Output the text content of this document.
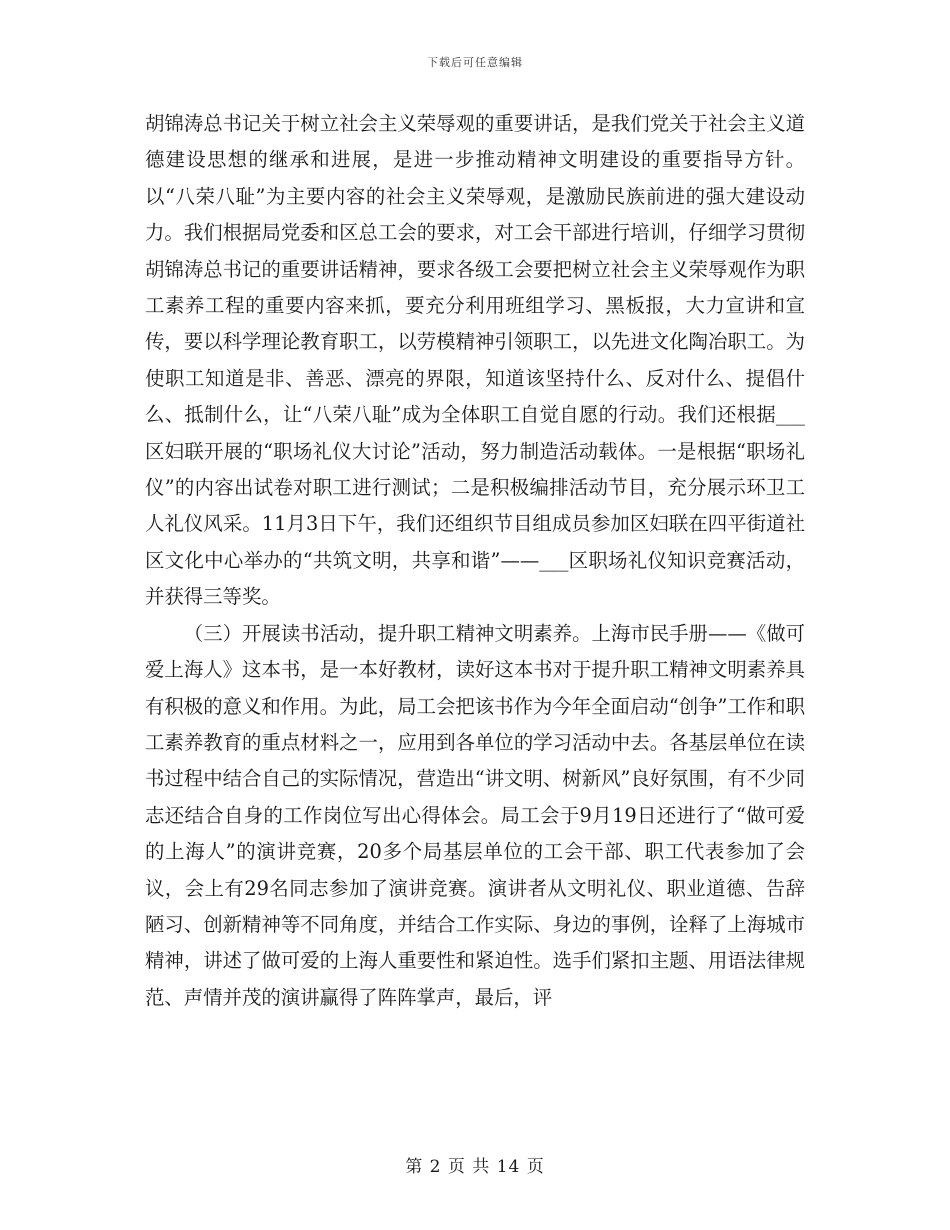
下载后可任意编辑

胡锦涛总书记关于树立社会主义荣辱观的重要讲话，是我们党关于社会主义道德建设思想的继承和进展，是进一步推动精神文明建设的重要指导方针。以“八荣八耻”为主要内容的社会主义荣辱观，是激励民族前进的强大建设动力。我们根据局党委和区总工会的要求，对工会干部进行培训，仔细学习贯彻胡锦涛总书记的重要讲话精神，要求各级工会要把树立社会主义荣辱观作为职工素养工程的重要内容来抓，要充分利用班组学习、黑板报，大力宣讲和宣传，要以科学理论教育职工，以劳模精神引领职工，以先进文化陶冶职工。为使职工知道是非、善恶、漂亮的界限，知道该坚持什么、反对什么、提倡什么、抵制什么，让“八荣八耻”成为全体职工自觉自愿的行动。我们还根据___区妇联开展的“职场礼仪大讨论”活动，努力制造活动载体。一是根据“职场礼仪”的内容出试卷对职工进行测试；二是积极编排活动节目，充分展示环卫工人礼仪风采。11月3日下午，我们还组织节目组成员参加区妇联在四平街道社区文化中心举办的“共筑文明，共享和谐”——___区职场礼仪知识竞赛活动，并获得三等奖。

（三）开展读书活动，提升职工精神文明素养。上海市民手册——《做可爱上海人》这本书，是一本好教材，读好这本书对于提升职工精神文明素养具有积极的意义和作用。为此，局工会把该书作为今年全面启动“创争”工作和职工素养教育的重点材料之一，应用到各单位的学习活动中去。各基层单位在读书过程中结合自己的实际情况，营造出“讲文明、树新风”良好氛围，有不少同志还结合自身的工作岗位写出心得体会。局工会于9月19日还进行了“做可爱的上海人”的演讲竞赛，20多个局基层单位的工会干部、职工代表参加了会议，会上有29名同志参加了演讲竞赛。演讲者从文明礼仪、职业道德、告辞陋习、创新精神等不同角度，并结合工作实际、身边的事例，诠释了上海城市精神，讲述了做可爱的上海人重要性和紧迫性。选手们紧扣主题、用语法律规范、声情并茂的演讲赢得了阵阵掌声，最后，评

第 2 页 共 14 页
